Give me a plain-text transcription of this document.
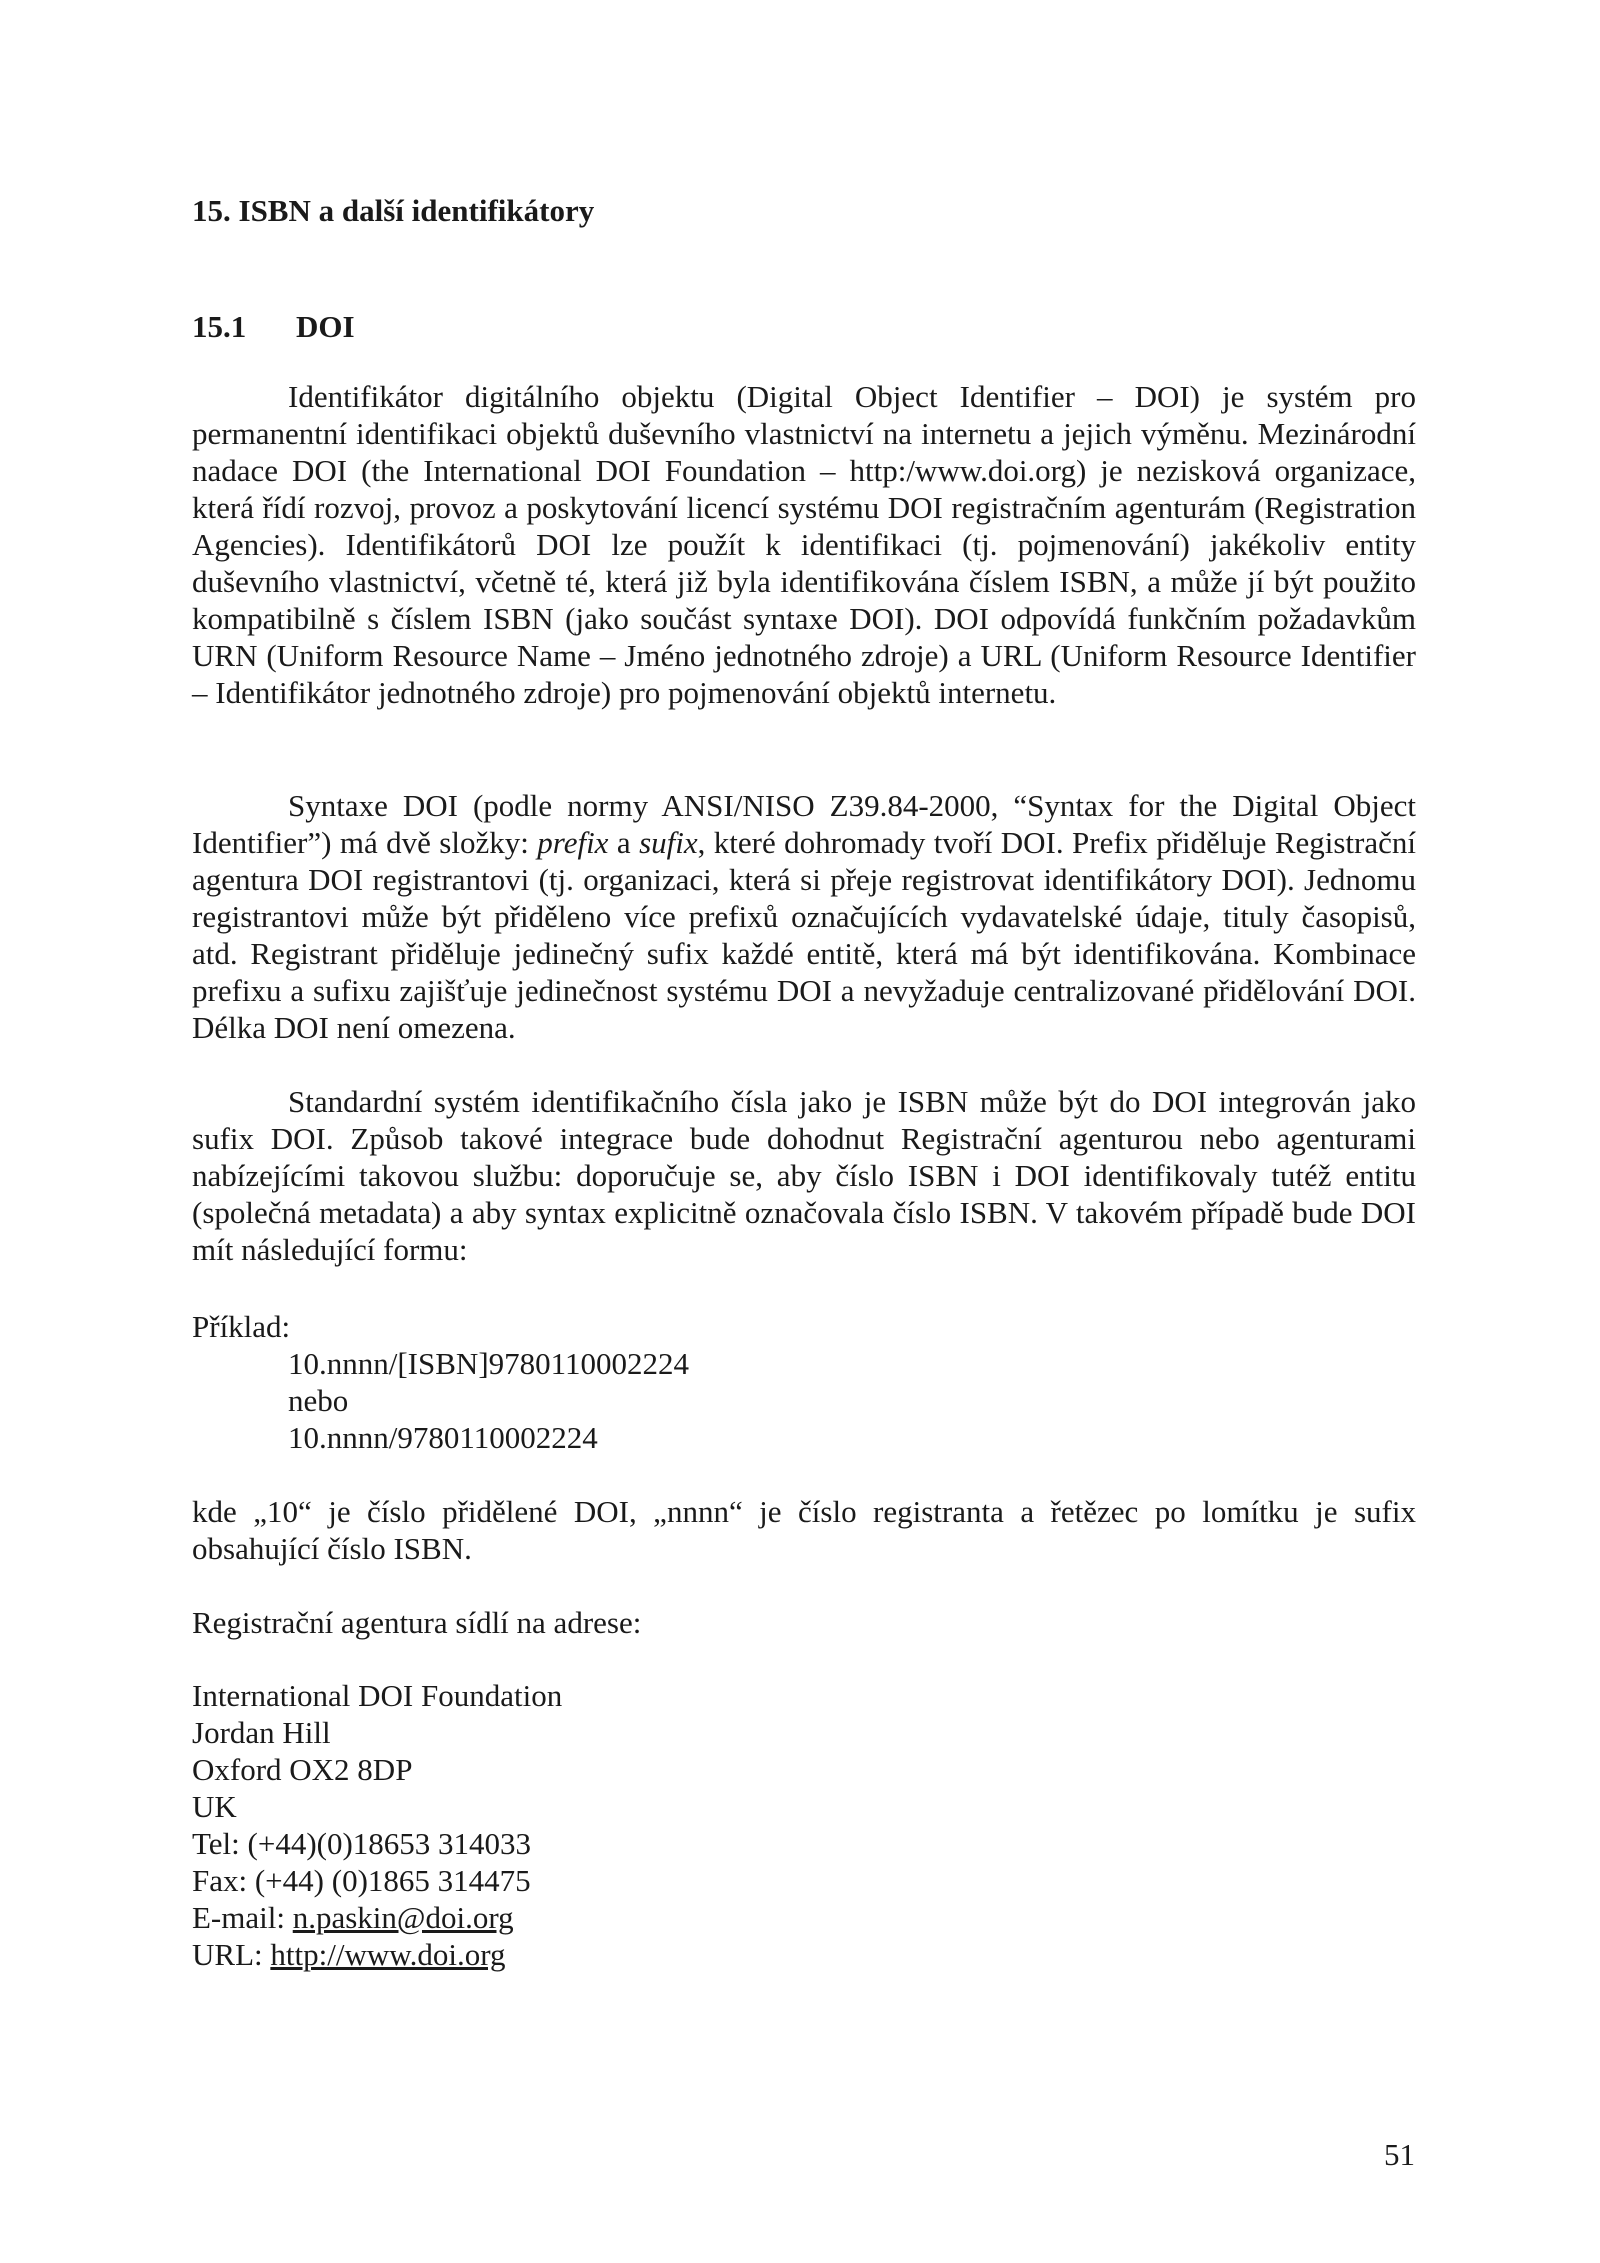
15. ISBN a další identifikátory
15.1 DOI

Identifikátor digitálního objektu (Digital Object Identifier – DOI) je systém pro permanentní identifikaci objektů duševního vlastnictví na internetu a jejich výměnu. Mezinárodní nadace DOI (the International DOI Foundation – http:/www.doi.org) je nezisková organizace, která řídí rozvoj, provoz a poskytování licencí systému DOI registračním agenturám (Registration Agencies). Identifikátorů DOI lze použít k identifikaci (tj. pojmenování) jakékoliv entity duševního vlastnictví, včetně té, která již byla identifikována číslem ISBN, a může jí být použito kompatibilně s číslem ISBN (jako součást syntaxe DOI). DOI odpovídá funkčním požadavkům URN (Uniform Resource Name – Jméno jednotného zdroje) a URL (Uniform Resource Identifier – Identifikátor jednotného zdroje) pro pojmenování objektů internetu.

Syntaxe DOI (podle normy ANSI/NISO Z39.84-2000, “Syntax for the Digital Object Identifier”) má dvě složky: prefix a sufix, které dohromady tvoří DOI. Prefix přiděluje Registrační agentura DOI registrantovi (tj. organizaci, která si přeje registrovat identifikátory DOI). Jednomu registrantovi může být přiděleno více prefixů označujících vydavatelské údaje, tituly časopisů, atd. Registrant přiděluje jedinečný sufix každé entitě, která má být identifikována. Kombinace prefixu a sufixu zajišťuje jedinečnost systému DOI a nevyžaduje centralizované přidělování DOI. Délka DOI není omezena.

Standardní systém identifikačního čísla jako je ISBN může být do DOI integrován jako sufix DOI. Způsob takové integrace bude dohodnut Registrační agenturou nebo agenturami nabízejícími takovou službu: doporučuje se, aby číslo ISBN i DOI identifikovaly tutéž entitu (společná metadata) a aby syntax explicitně označovala číslo ISBN. V takovém případě bude DOI mít následující formu:

Příklad:
10.nnnn/[ISBN]9780110002224
nebo
10.nnnn/9780110002224

kde „10“ je číslo přidělené DOI, „nnnn“ je číslo registranta a řetězec po lomítku je sufix obsahující číslo ISBN.

Registrační agentura sídlí na adrese:
International DOI Foundation
Jordan Hill
Oxford OX2 8DP
UK
Tel: (+44)(0)18653 314033
Fax: (+44) (0)1865 314475
E-mail: n.paskin@doi.org
URL: http://www.doi.org
51
